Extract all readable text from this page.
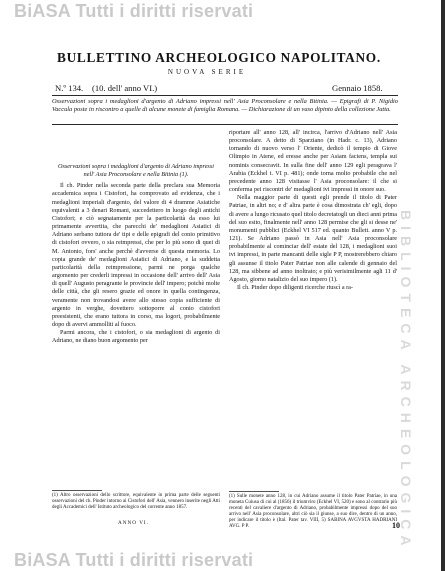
BiASA Tutti i diritti riservati
BiASA Tutti i diritti riservati
BIBLIOTECA ARCHEOLOGICA
BULLETTINO ARCHEOLOGICO NAPOLITANO.
NUOVA SERIE
N.º 134. (10. dell' anno VI.)	Gennaio 1858.
Osservazioni sopra i medaglioni d'argento di Adriano impressi nell' Asia Proconsolare e nella Bitinia. — Epigrafi di P. Nigidio Vaccula poste in riscontro a quelle di alcune monete di famiglia Romana. — Dichiarazione di un vaso dipinto della collezione Jatta.
Osservazioni sopra i medaglioni d'argento di Adriano impressi nell' Asia Proconsolare e nella Bitinia (1).

Il ch. Pinder nella seconda parte della preclara sua Memoria accademica sopra i Cistofori, ha comprovato ad evidenza, che i medaglioni imperiali d'argento, del valore di 4 dramme Asiatiche equivalenti a 3 denari Romani, succedettero in luogo degli antichi Cistofori; e ciò segnatamente per la particolarità da esso lui primamente avvertita, che parecchi de' medaglioni Asiatici di Adriano serbano tuttora de' tipi e delle epigrafi del conio primitivo di cistofori ovvero, o sia reimpressi, che per lo più sono di quei di M. Antonio, fors' anche perchè d'avverse di questa memoria. Lo copia grande de' medaglioni Asiatici di Adriano, e la suddetta particolarità della reimpressione, parmi ne porga qualche argomento per crederli impressi in occasione dell' arrivo dell' Asia di quell' Augusto peragrante le provincie dell' impero; poichè molte delle città, che gli resero grazie ed onore in quella contingenza, veramente non trovandosi avere allo stesso copia sufficiente di argento in verghe, dovettero sottoporre al conio cistofori preesistenti, che erano tuttora in corso, ma logori, probabilmente dopo di avervi ammolliti al fuoco.

Parmi ancora, che i cistofori, o sia medaglioni di argento di Adriano, ne diano buon argomento per

riportare all' anno 128, all' incirca, l'arrivo d'Adriano nell' Asia proconsolare. A detto di Sparziano (in Hadr. c. 13), Adriano tornando di nuovo verso l' Oriente, dedicò il tempio di Giove Olimpio in Atene, ed eresse anche per Asiam faciens, templa sui nominis consecravit. In sulla fine dell' anno 129 egli peragrava l' Arabia (Eckhel t. VI p. 481); onde torna molto probabile che nel precedente anno 128 visitasse l' Asia proconsolare: il che si conferma pei riscontri de' medaglioni ivi impressi in onore suo.

Nella maggior parte di questi egli prende il titolo di Pater Patriae, in altri no; e d' altra parte è cosa dimostrata ch' egli, dopo di avere a lungo ricusato quel titolo decretatogli un dieci anni prima del suo esito, finalmente nell' anno 128 permise che gli si desse ne' monumenti pubblici (Eckhel VI 517 ed. quanto Bullett. anno V p. 121). Se Adriano passò in Asia nell' Asia proconsolare probabilmente al cominciar dell' estate del 128, i medaglioni suoi ivi impressi, in parte mancanti delle sigle P P, mostrerebbero chiaro gli assunse il titolo Pater Patriae non alle calende di gennaio del 128, ma sibbene ad anno inoltrato; e più verisimilmente agli 11 d' Agosto, giorno natalizio del suo impero (1).

Il ch. Pinder dopo diligenti ricerche riuscì a ra-

(1) Altro osservazioni dello scrittore, equivalente in prima parte delle seguenti osservazioni del ch. Pinder intorno ai Cistofori dell' Asia, vennero inserite negli Atti degli Accademici dell' Istituto archeologico del corrente anno 1857.

(1) Sulle monete anno 128, in cui Adriano assume il titolo Pater Patriae, in una moneta Cuiusa di cui al (1856) il triumviro (Eckhel VI, 520) e sono al contrario più recenti del cavaliere d'argento di Adriano, probabilmente impressi dopo del suo arrivo nell' Asia proconsolare, altri ciò sia il giunse, a suo dire, dentro di un anno, per indicare il titolo è (Ital. Pater tav. VIII, 5) SABINA AVGVSTA HADRIANI AVG. P P.

ANNO VI.	10
